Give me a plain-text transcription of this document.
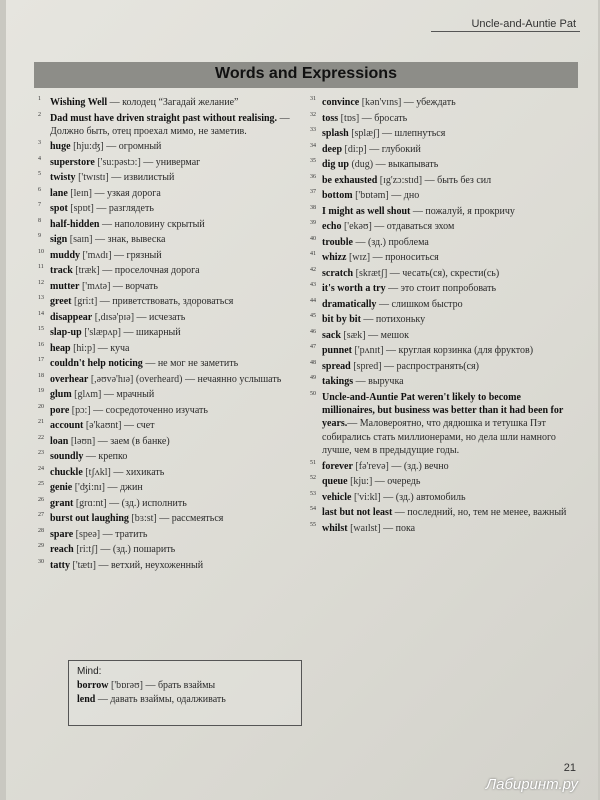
Uncle-and-Auntie Pat
Words and Expressions
1 Wishing Well — колодец “Загадай желание”
2 Dad must have driven straight past without realising. — Должно быть, отец проехал мимо, не заметив.
3 huge [hju:ʤ] — огромный
4 superstore ['su:pəstɔ:] — универмаг
5 twisty ['twɪstɪ] — извилистый
6 lane [leɪn] — узкая дорога
7 spot [spɒt] — разглядеть
8 half-hidden — наполовину скрытый
9 sign [saɪn] — знак, вывеска
10 muddy ['mʌdɪ] — грязный
11 track [træk] — проселочная дорога
12 mutter ['mʌtə] — ворчать
13 greet [gri:t] — приветствовать, здороваться
14 disappear [,dɪsə'pɪə] — исчезать
15 slap-up ['slæpʌp] — шикарный
16 heap [hi:p] — куча
17 couldn't help noticing — не мог не заметить
18 overhear [,əʊvə'hɪə] (overheard) — нечаянно услышать
19 glum [glʌm] — мрачный
20 pore [pɔ:] — сосредоточенно изучать
21 account [ə'kaʊnt] — счет
22 loan [ləʊn] — заем (в банке)
23 soundly — крепко
24 chuckle [tʃʌkl] — хихикать
25 genie ['ʤi:nɪ] — джин
26 grant [grɑ:nt] — (зд.) исполнить
27 burst out laughing [bɜ:st] — рассмеяться
28 spare [speə] — тратить
29 reach [ri:tʃ] — (зд.) пошарить
30 tatty ['tætɪ] — ветхий, неухоженный
31 convince [kən'vɪns] — убеждать
32 toss [tɒs] — бросать
33 splash [splæʃ] — шлепнуться
34 deep [di:p] — глубокий
35 dig up (dug) — выкапывать
36 be exhausted [ɪg'zɔ:stɪd] — быть без сил
37 bottom ['bɒtəm] — дно
38 I might as well shout — пожалуй, я прокричу
39 echo ['ekəʊ] — отдаваться эхом
40 trouble — (зд.) проблема
41 whizz [wɪz] — проноситься
42 scratch [skrætʃ] — чесать(ся), скрести(сь)
43 it's worth a try — это стоит попробовать
44 dramatically — слишком быстро
45 bit by bit — потихоньку
46 sack [sæk] — мешок
47 punnet ['pʌnɪt] — круглая корзинка (для фруктов)
48 spread [spred] — распространять(ся)
49 takings — выручка
50 Uncle-and-Auntie Pat weren't likely to become millionaires, but business was better than it had been for years.— Маловероятно, что дядюшка и тетушка Пэт собирались стать миллионерами, но дела шли намного лучше, чем в предыдущие годы.
51 forever [fə'revə] — (зд.) вечно
52 queue [kju:] — очередь
53 vehicle ['vi:kl] — (зд.) автомобиль
54 last but not least — последний, но, тем не менее, важный
55 whilst [waɪlst] — пока
Mind:
borrow ['bɒrəʊ] — брать взаймы
lend — давать взаймы, одалживать
21
Лабиринт.ру
